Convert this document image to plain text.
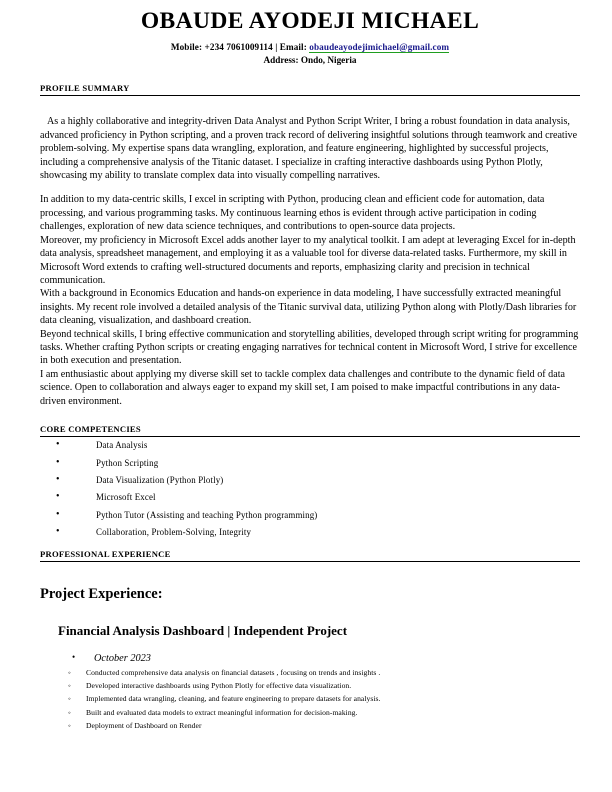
OBAUDE AYODEJI MICHAEL
Mobile: +234 7061009114 | Email: obaudeayodejimichael@gmail.com
Address: Ondo, Nigeria
PROFILE SUMMARY

As a highly collaborative and integrity-driven Data Analyst and Python Script Writer, I bring a robust foundation in data analysis, advanced proficiency in Python scripting, and a proven track record of delivering insightful solutions through teamwork and creative problem-solving. My expertise spans data wrangling, exploration, and feature engineering, highlighted by successful projects, including a comprehensive analysis of the Titanic dataset. I specialize in crafting interactive dashboards using Python Plotly, showcasing my ability to translate complex data into visually compelling narratives.

In addition to my data-centric skills, I excel in scripting with Python, producing clean and efficient code for automation, data processing, and various programming tasks. My continuous learning ethos is evident through active participation in coding challenges, exploration of new data science techniques, and contributions to open-source data projects.

Moreover, my proficiency in Microsoft Excel adds another layer to my analytical toolkit. I am adept at leveraging Excel for in-depth data analysis, spreadsheet management, and employing it as a valuable tool for diverse data-related tasks. Furthermore, my skill in Microsoft Word extends to crafting well-structured documents and reports, emphasizing clarity and precision in technical communication.

With a background in Economics Education and hands-on experience in data modeling, I have successfully extracted meaningful insights. My recent role involved a detailed analysis of the Titanic survival data, utilizing Python along with Plotly/Dash libraries for data cleaning, visualization, and dashboard creation.

Beyond technical skills, I bring effective communication and storytelling abilities, developed through script writing for programming tasks. Whether crafting Python scripts or creating engaging narratives for technical content in Microsoft Word, I strive for excellence in both execution and presentation.

I am enthusiastic about applying my diverse skill set to tackle complex data challenges and contribute to the dynamic field of data science. Open to collaboration and always eager to expand my skill set, I am poised to make impactful contributions in any data-driven environment.

CORE COMPETENCIES
• Data Analysis
• Python Scripting
• Data Visualization (Python Plotly)
• Microsoft Excel
• Python Tutor (Assisting and teaching Python programming)
• Collaboration, Problem-Solving, Integrity
PROFESSIONAL EXPERIENCE
Project Experience:
Financial Analysis Dashboard | Independent Project
• October 2023
◦ Conducted comprehensive data analysis on financial datasets , focusing on trends and insights .
◦ Developed interactive dashboards using Python Plotly for effective data visualization.
◦ Implemented data wrangling, cleaning, and feature engineering to prepare datasets for analysis.
◦ Built and evaluated data models to extract meaningful information for decision-making.
◦ Deployment of Dashboard on Render
